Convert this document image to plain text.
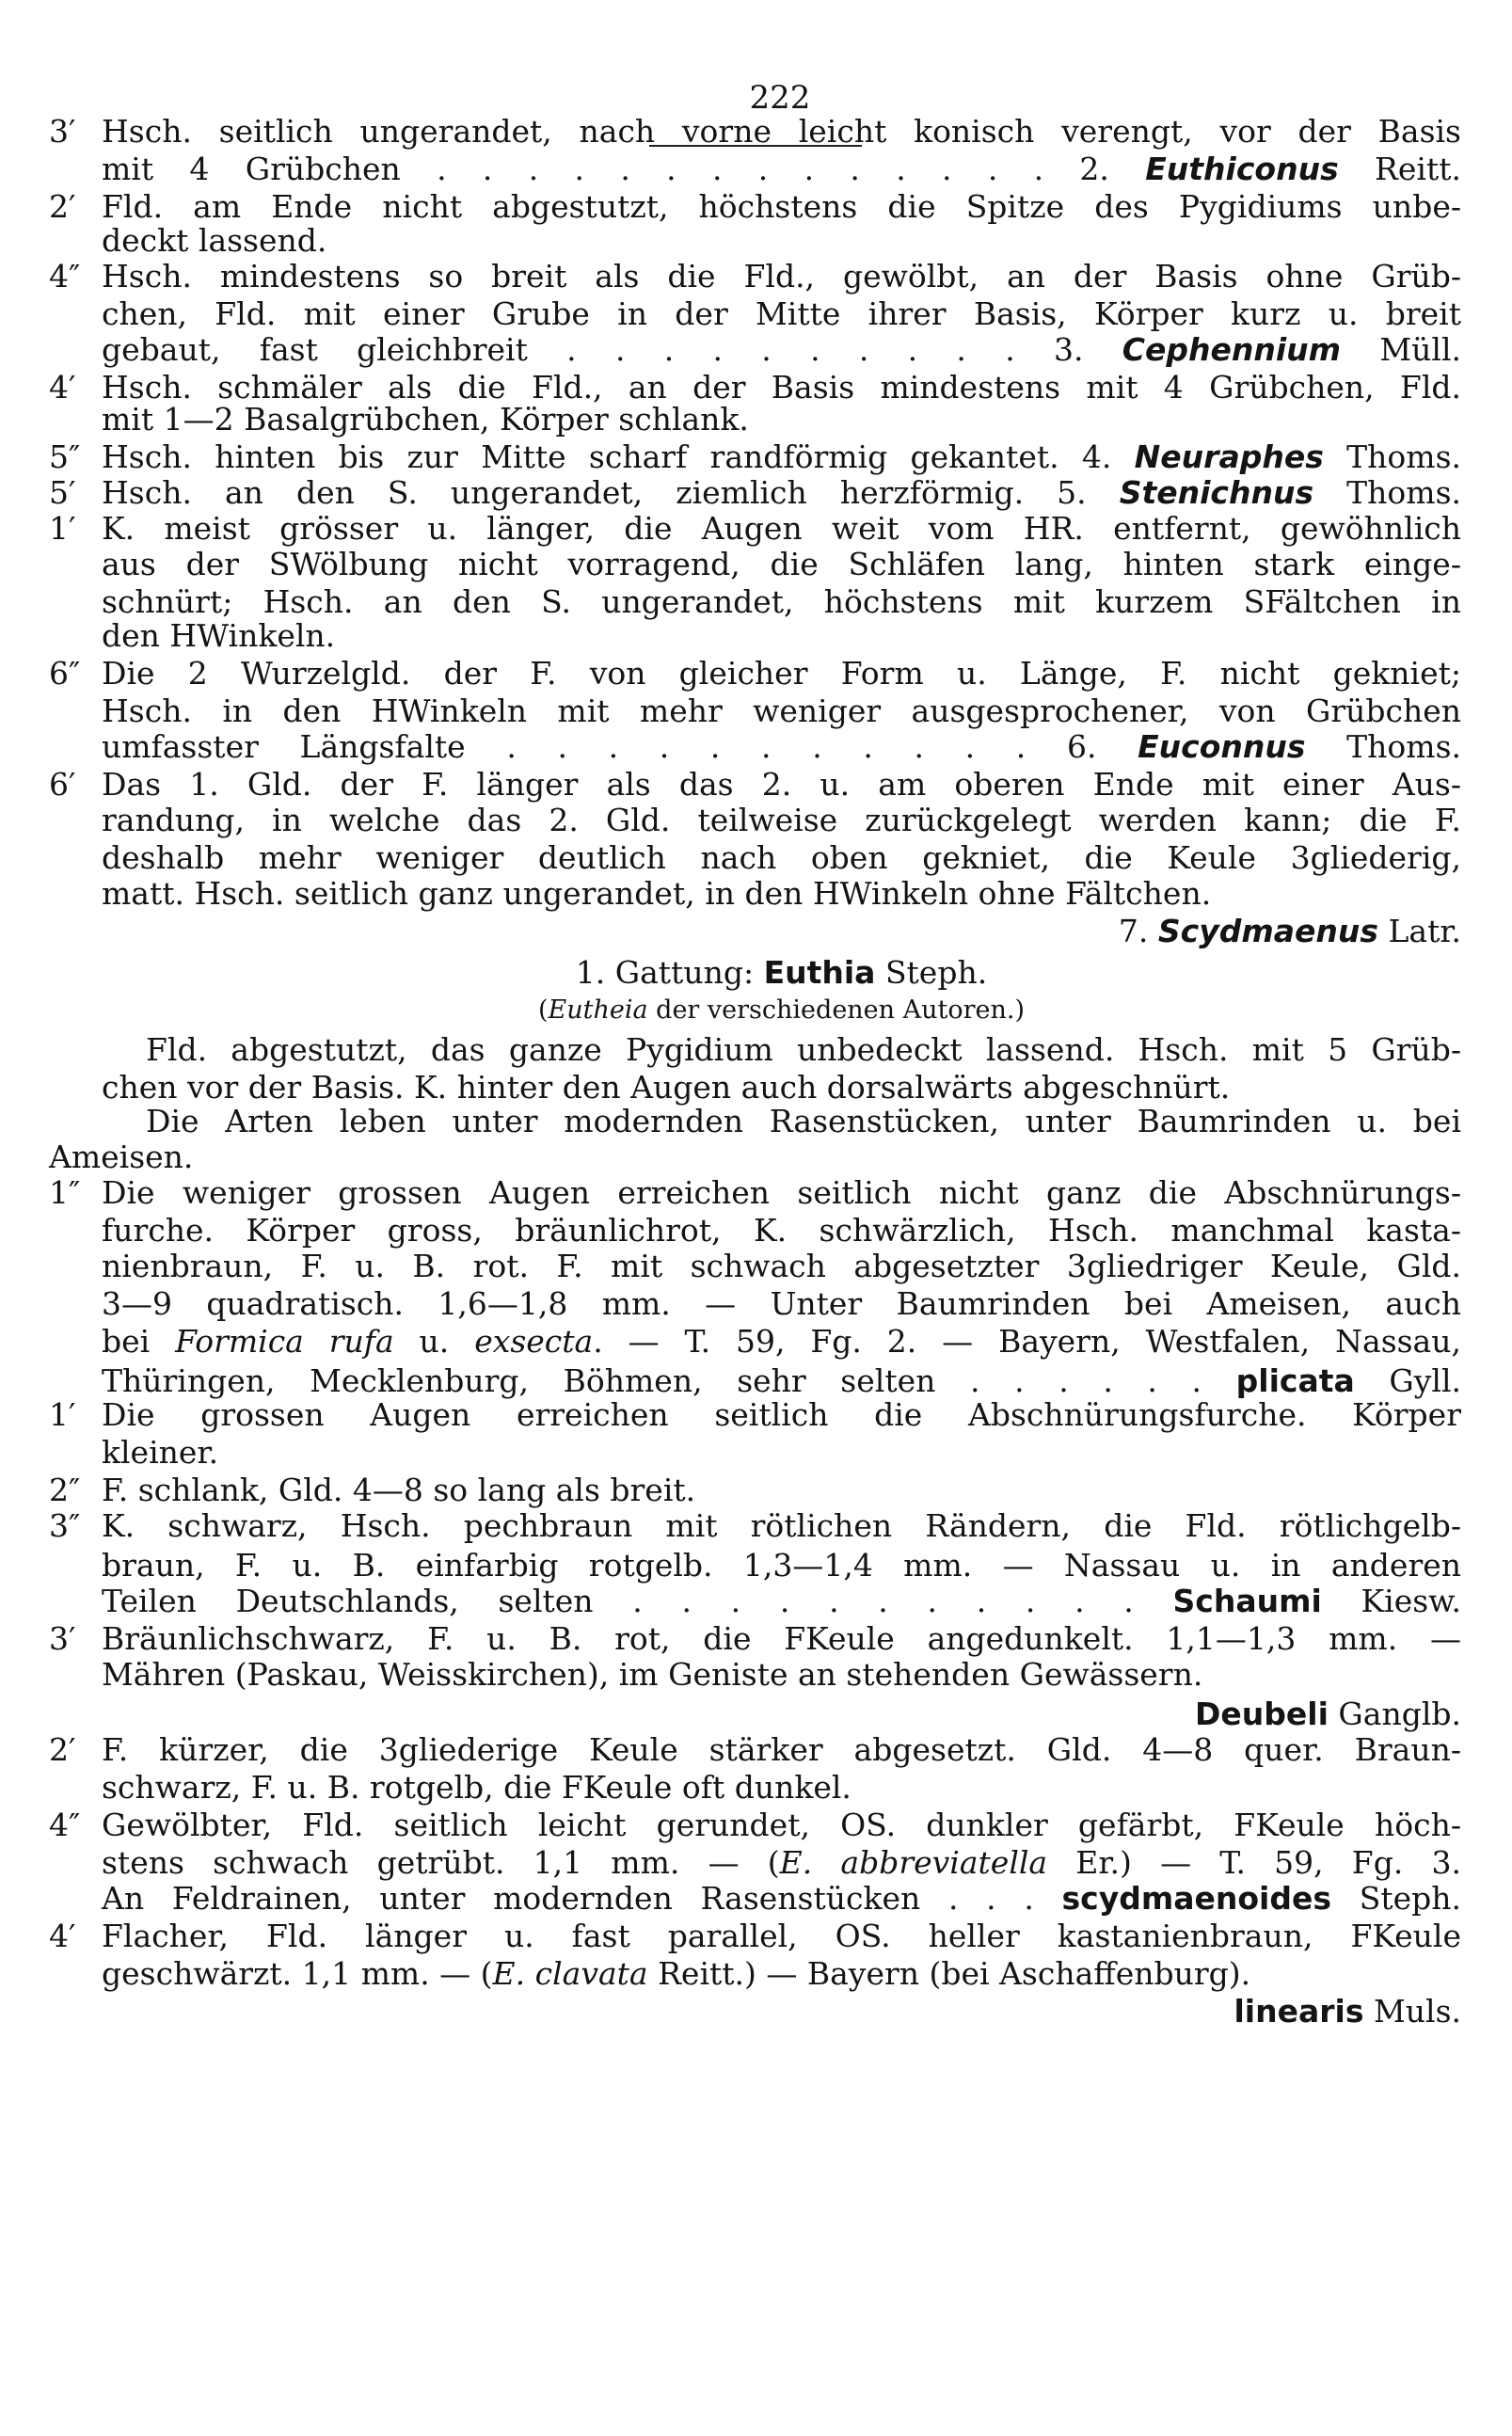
222
3′ Hsch. seitlich ungerandet, nach vorne leicht konisch verengt, vor der Basis
mit 4 Grübchen . . . . . . . . . . . . . . 2. Euthiconus Reitt.
2′ Fld. am Ende nicht abgestutzt, höchstens die Spitze des Pygidiums unbe-
deckt lassend.
4″ Hsch. mindestens so breit als die Fld., gewölbt, an der Basis ohne Grüb-
chen, Fld. mit einer Grube in der Mitte ihrer Basis, Körper kurz u. breit
gebaut, fast gleichbreit . . . . . . . . . . 3. Cephennium Müll.
4′ Hsch. schmäler als die Fld., an der Basis mindestens mit 4 Grübchen, Fld.
mit 1—2 Basalgrübchen, Körper schlank.
5″ Hsch. hinten bis zur Mitte scharf randförmig gekantet. 4. Neuraphes Thoms.
5′ Hsch. an den S. ungerandet, ziemlich herzförmig. 5. Stenichnus Thoms.
1′ K. meist grösser u. länger, die Augen weit vom HR. entfernt, gewöhnlich
aus der SWölbung nicht vorragend, die Schläfen lang, hinten stark einge-
schnürt; Hsch. an den S. ungerandet, höchstens mit kurzem SFältchen in
den HWinkeln.
6″ Die 2 Wurzelgld. der F. von gleicher Form u. Länge, F. nicht gekniet;
Hsch. in den HWinkeln mit mehr weniger ausgesprochener, von Grübchen
umfasster Längsfalte . . . . . . . . . . . 6. Euconnus Thoms.
6′ Das 1. Gld. der F. länger als das 2. u. am oberen Ende mit einer Aus-
randung, in welche das 2. Gld. teilweise zurückgelegt werden kann; die F.
deshalb mehr weniger deutlich nach oben gekniet, die Keule 3gliederig,
matt. Hsch. seitlich ganz ungerandet, in den HWinkeln ohne Fältchen.
7. Scydmaenus Latr.
1. Gattung: Euthia Steph.
(Eutheia der verschiedenen Autoren.)
Fld. abgestutzt, das ganze Pygidium unbedeckt lassend. Hsch. mit 5 Grüb-
chen vor der Basis. K. hinter den Augen auch dorsalwärts abgeschnürt.
Die Arten leben unter modernden Rasenstücken, unter Baumrinden u. bei
Ameisen.
1″ Die weniger grossen Augen erreichen seitlich nicht ganz die Abschnürungs-
furche. Körper gross, bräunlichrot, K. schwärzlich, Hsch. manchmal kasta-
nienbraun, F. u. B. rot. F. mit schwach abgesetzter 3gliedriger Keule, Gld.
3—9 quadratisch. 1,6—1,8 mm. — Unter Baumrinden bei Ameisen, auch
bei Formica rufa u. exsecta. — T. 59, Fg. 2. — Bayern, Westfalen, Nassau,
Thüringen, Mecklenburg, Böhmen, sehr selten . . . . . . plicata Gyll.
1′ Die grossen Augen erreichen seitlich die Abschnürungsfurche. Körper
kleiner.
2″ F. schlank, Gld. 4—8 so lang als breit.
3″ K. schwarz, Hsch. pechbraun mit rötlichen Rändern, die Fld. rötlichgelb-
braun, F. u. B. einfarbig rotgelb. 1,3—1,4 mm. — Nassau u. in anderen
Teilen Deutschlands, selten . . . . . . . . . . . Schaumi Kiesw.
3′ Bräunlichschwarz, F. u. B. rot, die FKeule angedunkelt. 1,1—1,3 mm. —
Mähren (Paskau, Weisskirchen), im Geniste an stehenden Gewässern.
Deubeli Ganglb.
2′ F. kürzer, die 3gliederige Keule stärker abgesetzt. Gld. 4—8 quer. Braun-
schwarz, F. u. B. rotgelb, die FKeule oft dunkel.
4″ Gewölbter, Fld. seitlich leicht gerundet, OS. dunkler gefärbt, FKeule höch-
stens schwach getrübt. 1,1 mm. — (E. abbreviatella Er.) — T. 59, Fg. 3.
An Feldrainen, unter modernden Rasenstücken . . . scydmaenoides Steph.
4′ Flacher, Fld. länger u. fast parallel, OS. heller kastanienbraun, FKeule
geschwärzt. 1,1 mm. — (E. clavata Reitt.) — Bayern (bei Aschaffenburg).
linearis Muls.
